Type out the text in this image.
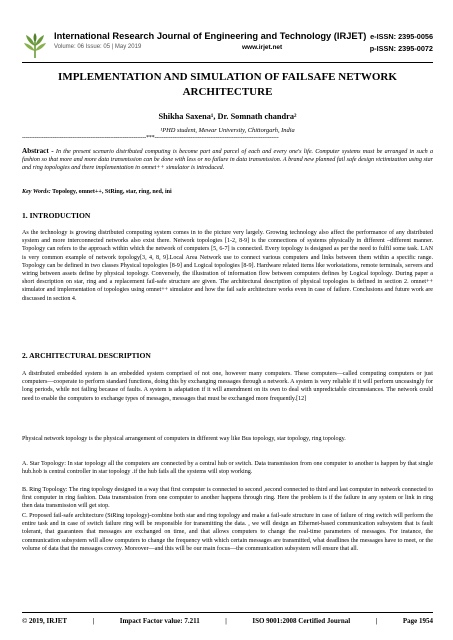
International Research Journal of Engineering and Technology (IRJET) e-ISSN: 2395-0056
Volume: 06 Issue: 05 | May 2019	www.irjet.net	p-ISSN: 2395-0072
IMPLEMENTATION AND SIMULATION OF FAILSAFE NETWORK ARCHITECTURE
Shikha Saxena¹, Dr. Somnath chandra²
¹PHD student, Mewar University, Chittorgarh, India
---------------------------------------------------------------------***---------------------------------------------------------------------
Abstract - In the present scenario distributed computing is become part and parcel of each and every one's life. Computer systems must be arranged in such a fashion so that more and more data transmission can be done with less or no failure in data transmission. A brand new planned fail safe design victimization using star and ring topologies and there implementation in omnet++ simulator is introduced.
Key Words: Topology, omnet++, StRing, star, ring, ned, ini
1. INTRODUCTION
As the technology is growing distributed computing system comes in to the picture very largely. Growing technology also affect the performance of any distributed system and more interconnected networks also exist there. Network topologies [1-2, 8-9] is the connections of systems physically in different –different manner. Topology can refers to the approach within which the network of computers [5, 6-7] is connected. Every topology is designed as per the need to fulfil some task. LAN is very common example of network topology[3, 4, 8, 9].Local Area Network use to connect various computers and links between them within a specific range. Topology can be defined in two classes Physical topologies [8-9] and Logical topologies [8-9]. Hardware related items like workstations, remote terminals, servers and wiring between assets define by physical topology. Conversely, the illustration of information flow between computers defines by Logical topology. During paper a short description on star, ring and a replacement fail-safe structure are given. The architectural description of physical topologies is defined in section 2. omnet++ simulator and implementation of topologies using omnet++ simulator and how the fail safe architecture works even in case of failure. Conclusions and future work are discussed in section 4.
2. ARCHITECTURAL DESCRIPTION
A distributed embedded system is an embedded system comprised of not one, however many computers. These computers—called computing computers or just computers—cooperate to perform standard functions, doing this by exchanging messages through a network. A system is very reliable if it will perform unceasingly for long periods, while not failing because of faults. A system is adaptation if it will amendment on its own to deal with unpredictable circumstances. The network could need to enable the computers to exchange types of messages, messages that must be exchanged more frequently.[12]
Physical network topology is the physical arrangement of computers in different way like Bus topology, star topology, ring topology.
A. Star Topology: In star topology all the computers are connected by a central hub or switch. Data transmission from one computer to another is happen by that single hub.hob is central controller in star topology .if the hub fails all the systems will stop working.
B. Ring Topology: The ring topology designed in a way that first computer is connected to second ,second connected to third and last computer in network connected to first computer in ring fashion. Data transmission from one computer to another happens through ring. Here the problem is if the failure in any system or link in ring then data transmission will get stop.
C. Proposed fail-safe architecture (StRing topology)-combine both star and ring topology and make a fail-safe structure in case of failure of ring switch will perform the entire task and in case of switch failure ring will be responsible for transmitting the data. , we will design an Ethernet-based communication subsystem that is fault tolerant, that guarantees that messages are exchanged on time, and that allows computers to change the real-time parameters of messages. For instance, the communication subsystem will allow computers to change the frequency with which certain messages are transmitted, what deadlines the messages have to meet, or the volume of data that the messages convey. Moreover—and this will be our main focus—the communication subsystem will ensure that all.
© 2019, IRJET	|	Impact Factor value: 7.211	|	ISO 9001:2008 Certified Journal	|	Page 1954
